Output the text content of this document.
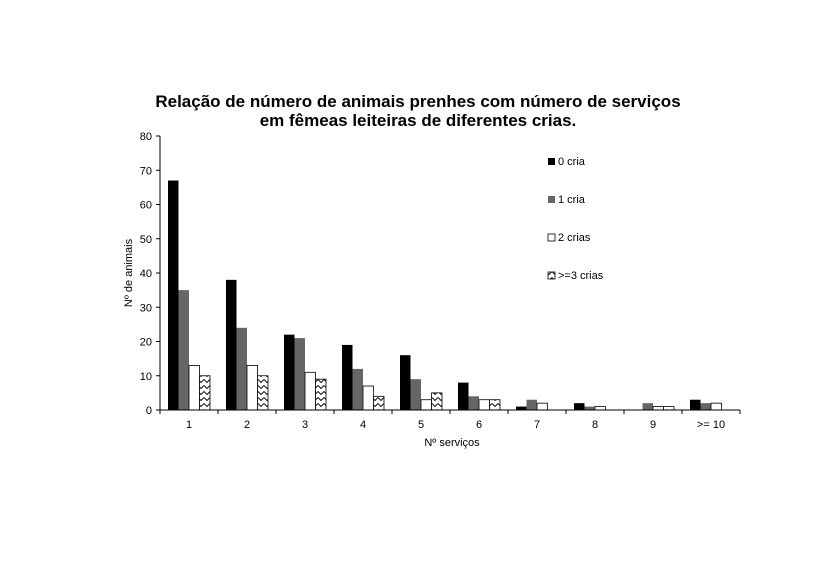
Relação de número de animais prenhes com número de serviços
em fêmeas leiteiras de diferentes crias.
0
10
20
30
40
50
60
70
80
1	2	3	4	5	6	7	8	9	>= 10
Nº serviços
Nº de animais
0 cria
1 cria
2 crias
>=3 crias
